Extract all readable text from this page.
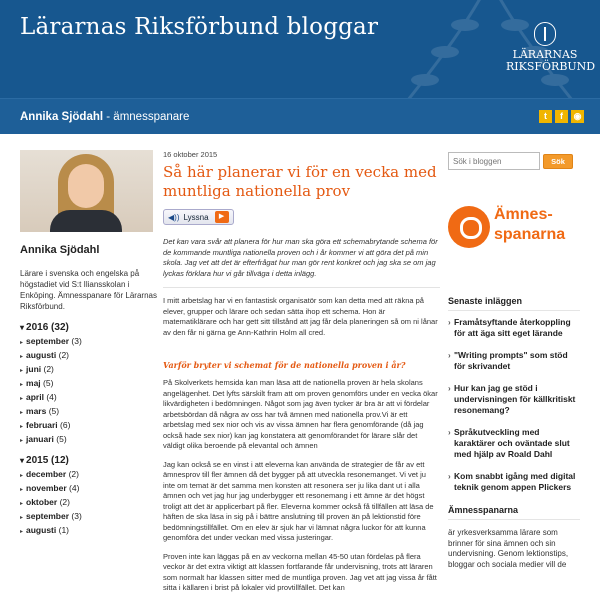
Lärarnas Riksförbund bloggar
LÄRARNAS
RIKSFÖRBUND
Annika Sjödahl - ämnesspanare	t	f	◉
Annika Sjödahl
Lärare i svenska och engelska på högstadiet vid S:t Iliansskolan i Enköping. Ämnesspanare för Lärarnas Riksförbund.
▾ 2016 (32)
▸ september (3)
▸ augusti (2)
▸ juni (2)
▸ maj (5)
▸ april (4)
▸ mars (5)
▸ februari (6)
▸ januari (5)
▾ 2015 (12)
▸ december (2)
▸ november (4)
▸ oktober (2)
▸ september (3)
▸ augusti (1)
16 oktober 2015
Så här planerar vi för en vecka med muntliga nationella prov
◀)) Lyssna	▶
Det kan vara svår att planera för hur man ska göra ett schemabrytande schema för de kommande muntliga nationella proven och i år kommer vi att göra det på min skola. Jag vet att det är efterfrågat hur man gör rent konkret och jag ska se om jag lyckas förklara hur vi går tillväga i detta inlägg.
I mitt arbetslag har vi en fantastisk organisatör som kan detta med att räkna på elever, grupper och lärare och sedan sätta ihop ett schema. Hon är matematiklärare och har gett sitt tillstånd att jag får dela planeringen så om ni lånar av den får ni gärna ge Ann-Kathrin Holm all cred.
Varför bryter vi schemat för de nationella proven i år?
På Skolverkets hemsida kan man läsa att de nationella proven är hela skolans angelägenhet. Det lyfts särskilt fram att om proven genomförs under en vecka ökar likvärdigheten i bedömningen. Något som jag även tycker är bra är att vi fördelar arbetsbördan då några av oss har två ämnen med nationella prov.Vi är ett arbetslag med sex nior och vis av vissa ämnen har flera genomförande (då jag också hade sex nior) kan jag konstatera att genomförandet för lärare slår det väldigt olika beroende på elevantal och ämnen
Jag kan också se en vinst i att eleverna kan använda de strategier de får av ett ämnesprov till fler ämnen då det bygger på att utveckla resonemanget. Vi vet ju inte om temat är det samma men konsten att resonera ser ju lika dant ut i alla ämnen och vet jag hur jag underbygger ett resonemang i ett ämne är det högst troligt att det är applicerbart på fler. Eleverna kommer också få tillfällen att läsa de häften de ska läsa in sig på i bättre anslutning till proven än på lektionstid före bedömningstillfället. Om en elev är sjuk har vi lämnat några luckor för att kunna genomföra det under veckan med vissa justeringar.
Proven inte kan läggas på en av veckorna mellan 45-50 utan fördelas på flera veckor är det extra viktigt att klassen fortfarande får undervisning, trots att läraren som normalt har klassen sitter med de muntliga proven. Jag vet att jag vissa år fått sitta i källaren i brist på lokaler vid provtillfället. Det kan
Sök i bloggen
Sök
Ämnes-
spanarna
Senaste inläggen
› Framåtsyftande återkoppling för att äga sitt eget lärande
› "Writing prompts" som stöd för skrivandet
› Hur kan jag ge stöd i undervisningen för källkritiskt resonemang?
› Språkutveckling med karaktärer och oväntade slut med hjälp av Roald Dahl
› Kom snabbt igång med digital teknik genom appen Plickers
Ämnesspanarna
är yrkesverksamma lärare som brinner för sina ämnen och sin undervisning. Genom lektionstips, bloggar och sociala medier vill de
